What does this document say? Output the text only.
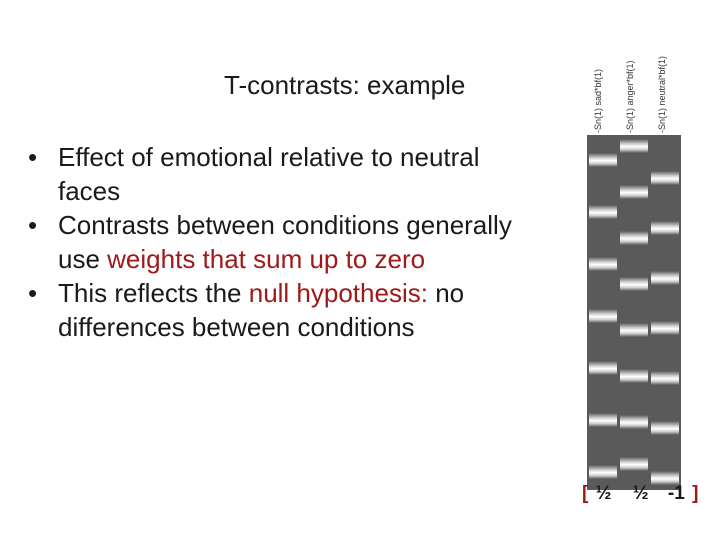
T-contrasts: example
• Effect of emotional relative to neutral faces
• Contrasts between conditions generally use weights that sum up to zero
• This reflects the null hypothesis: no differences between conditions
-Sn(1) sad*bf(1) -Sn(1) anger*bf(1) -Sn(1) neutral*bf(1)
[ ½ ½ -1 ]
